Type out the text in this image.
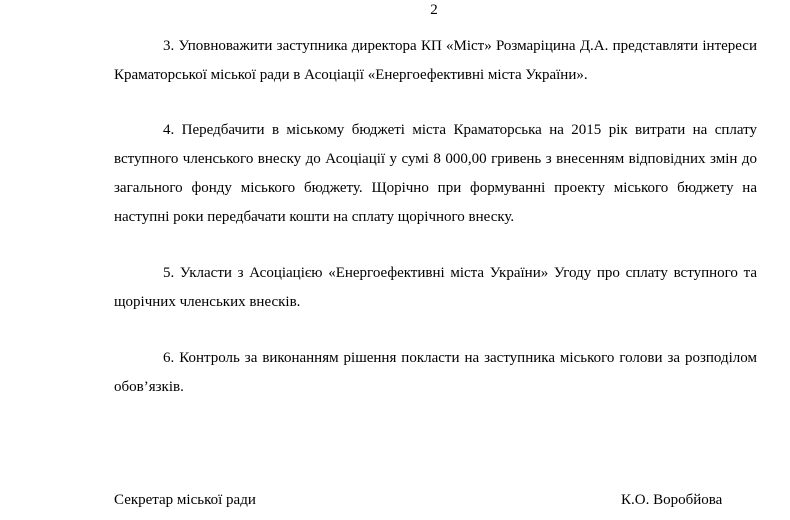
2

3. Уповноважити заступника директора КП «Міст» Розмаріцина Д.А. представляти інтереси Краматорської міської ради в Асоціації «Енергоефективні міста України».

4. Передбачити в міському бюджеті міста Краматорська на 2015 рік витрати на сплату вступного членського внеску до Асоціації у сумі 8 000,00 гривень з внесенням відповідних змін до загального фонду міського бюджету. Щорічно при формуванні проекту міського бюджету на наступні роки передбачати кошти на сплату щорічного внеску.

5. Укласти з Асоціацією «Енергоефективні міста України» Угоду про сплату вступного та щорічних членських внесків.

6. Контроль за виконанням рішення покласти на заступника міського голови за розподілом обов’язків.

Секретар міської ради	К.О. Воробйова
